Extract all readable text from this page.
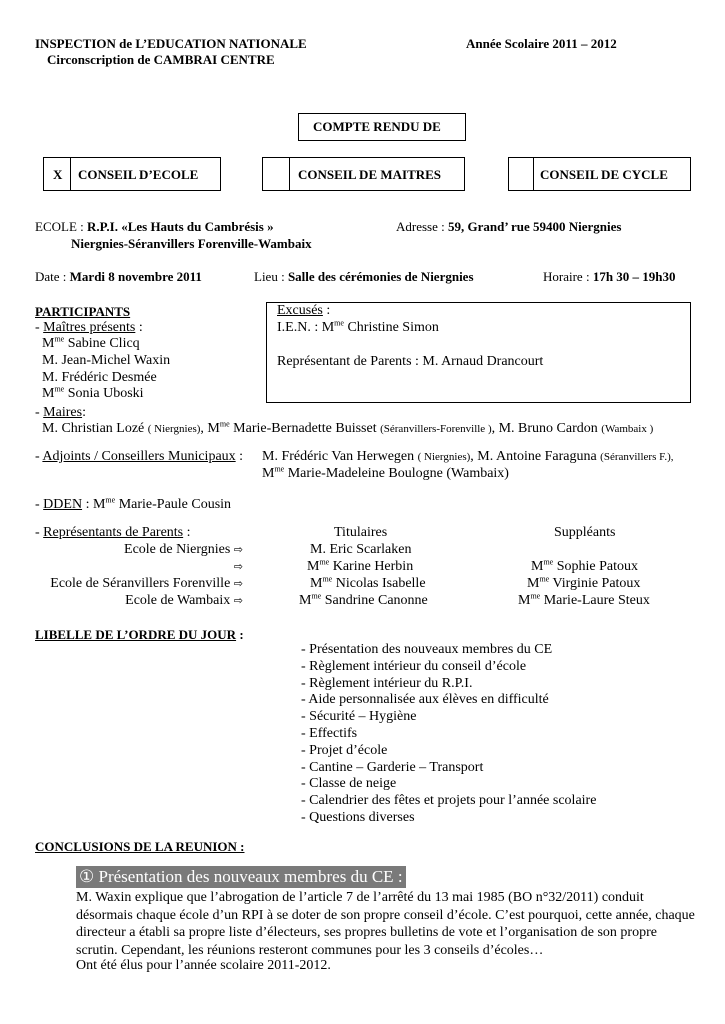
INSPECTION de L’EDUCATION NATIONALE	Année Scolaire 2011 – 2012
Circonscription de CAMBRAI CENTRE
COMPTE RENDU DE
X CONSEIL D’ECOLE	CONSEIL DE MAITRES	CONSEIL DE CYCLE
ECOLE : R.P.I. «Les Hauts du Cambrésis »	Adresse : 59, Grand’ rue 59400 Niergnies
Niergnies-Séranvillers Forenville-Wambaix
Date : Mardi 8 novembre 2011	Lieu : Salle des cérémonies de Niergnies	Horaire : 17h 30 – 19h30
PARTICIPANTS
- Maîtres présents :
$M^{me}$ Sabine Clicq
M. Jean-Michel Waxin
M. Frédéric Desmée
$M^{me}$ Sonia Uboski
Excusés :
I.E.N. : $M^{me}$ Christine Simon
Représentant de Parents : M. Arnaud Drancourt
- Maires:
M. Christian Lozé ( Niergnies), $M^{me}$ Marie-Bernadette Buisset (Séranvillers-Forenville ), M. Bruno Cardon (Wambaix )
- Adjoints / Conseillers Municipaux : M. Frédéric Van Herwegen ( Niergnies), M. Antoine Faraguna (Séranvillers F.),
$M^{me}$ Marie-Madeleine Boulogne (Wambaix)
- DDEN : $M^{me}$ Marie-Paule Cousin
- Représentants de Parents :	Titulaires	Suppléants
Ecole de Niergnies ⇨	M. Eric Scarlaken
⇨	$M^{me}$ Karine Herbin	$M^{me}$ Sophie Patoux
Ecole de Séranvillers Forenville ⇨	$M^{me}$ Nicolas Isabelle	$M^{me}$ Virginie Patoux
Ecole de Wambaix ⇨	$M^{me}$ Sandrine Canonne	$M^{me}$ Marie-Laure Steux
LIBELLE DE L’ORDRE DU JOUR :
- Présentation des nouveaux membres du CE
- Règlement intérieur du conseil d’école
- Règlement intérieur du R.P.I.
- Aide personnalisée aux élèves en difficulté
- Sécurité – Hygiène
- Effectifs
- Projet d’école
- Cantine – Garderie – Transport
- Classe de neige
- Calendrier des fêtes et projets pour l’année scolaire
- Questions diverses
CONCLUSIONS DE LA REUNION :
① Présentation des nouveaux membres du CE :
M. Waxin explique que l’abrogation de l’article 7 de l’arrêté du 13 mai 1985 (BO n°32/2011) conduit désormais chaque école d’un RPI à se doter de son propre conseil d’école. C’est pourquoi, cette année, chaque directeur a établi sa propre liste d’électeurs, ses propres bulletins de vote et l’organisation de son propre scrutin. Cependant, les réunions resteront communes pour les 3 conseils d’écoles…
Ont été élus pour l’année scolaire 2011-2012.
